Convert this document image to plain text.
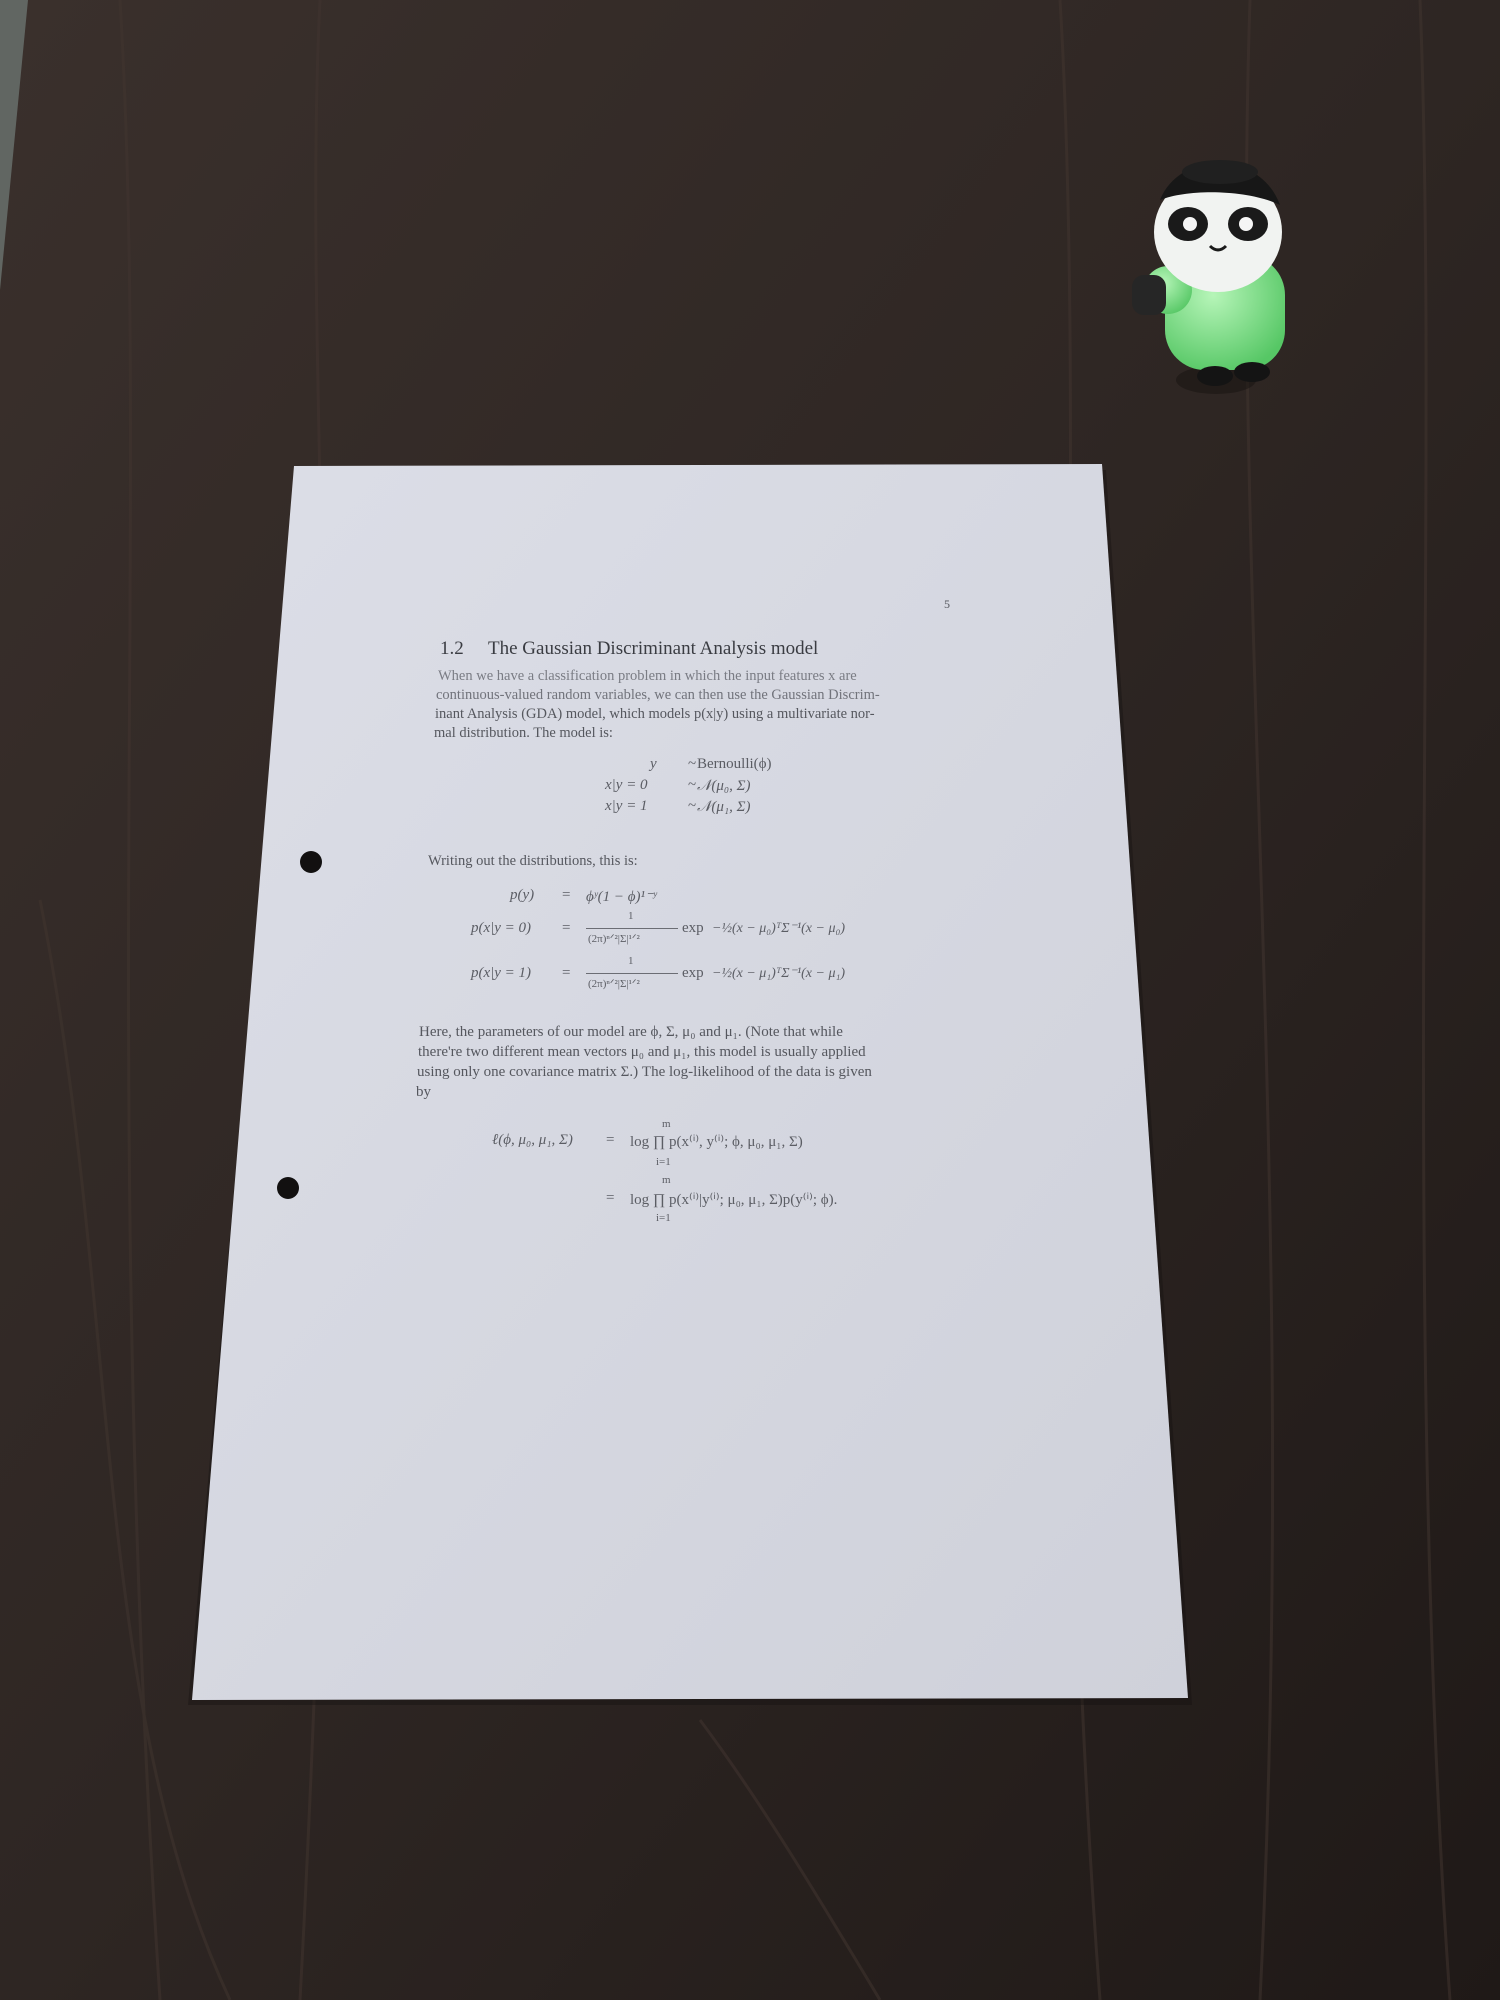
5
1.2 The Gaussian Discriminant Analysis model
When we have a classification problem in which the input features x are
continuous-valued random variables, we can then use the Gaussian Discrim-
inant Analysis (GDA) model, which models p(x|y) using a multivariate nor-
mal distribution. The model is:
y ~ Bernoulli(ϕ)
x|y = 0	~ 𝒩(μ₀, Σ)
x|y = 1	~ 𝒩(μ₁, Σ)
Writing out the distributions, this is:
p(y) = ϕʸ(1 − ϕ)¹⁻ʸ
p(x|y = 0) =
1
(2π)ⁿᐟ²|Σ|¹ᐟ²
exp −½(x − μ₀)ᵀΣ⁻¹(x − μ₀)
p(x|y = 1) =
1
(2π)ⁿᐟ²|Σ|¹ᐟ²
exp −½(x − μ₁)ᵀΣ⁻¹(x − μ₁)
Here, the parameters of our model are ϕ, Σ, μ₀ and μ₁. (Note that while
there're two different mean vectors μ₀ and μ₁, this model is usually applied
using only one covariance matrix Σ.) The log-likelihood of the data is given
by
m
ℓ(ϕ, μ₀, μ₁, Σ) = log ∏ p(x⁽ⁱ⁾, y⁽ⁱ⁾; ϕ, μ₀, μ₁, Σ)
i=1
= log ∏ p(x⁽ⁱ⁾|y⁽ⁱ⁾; μ₀, μ₁, Σ)p(y⁽ⁱ⁾; ϕ).
m
i=1
